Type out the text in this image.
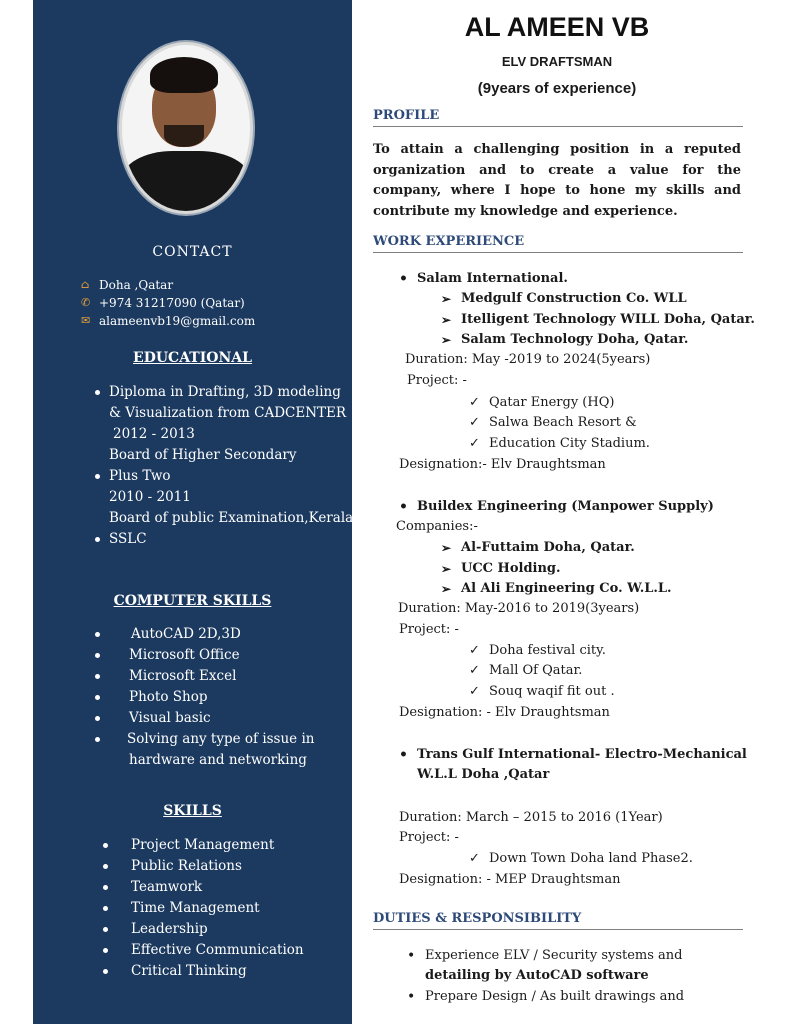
CONTACT
⌂ Doha ,Qatar
✆ +974 31217090 (Qatar)
✉ alameenvb19@gmail.com
EDUCATIONAL
Diploma in Drafting, 3D modeling
& Visualization from CADCENTER
2012 - 2013
Board of Higher Secondary
Plus Two
2010 - 2011
Board of public Examination,Kerala
SSLC
COMPUTER SKILLS
AutoCAD 2D,3D
Microsoft Office
Microsoft Excel
Photo Shop
Visual basic
Solving any type of issue in
hardware and networking
SKILLS
Project Management
Public Relations
Teamwork
Time Management
Leadership
Effective Communication
Critical Thinking
AL AMEEN VB
ELV DRAFTSMAN
(9years of experience)
PROFILE
To attain a challenging position in a reputed organization and to create a value for the company, where I hope to hone my skills and contribute my knowledge and experience.
WORK EXPERIENCE
• Salam International.
➢ Medgulf Construction Co. WLL
➢ Itelligent Technology WILL Doha, Qatar.
➢ Salam Technology Doha, Qatar.
Duration: May -2019 to 2024(5years)
Project: -
✓ Qatar Energy (HQ)
✓ Salwa Beach Resort &
✓ Education City Stadium.
Designation:- Elv Draughtsman
• Buildex Engineering (Manpower Supply)
Companies:-
➢ Al-Futtaim Doha, Qatar.
➢ UCC Holding.
➢ Al Ali Engineering Co. W.L.L.
Duration: May-2016 to 2019(3years)
Project: -
✓ Doha festival city.
✓ Mall Of Qatar.
✓ Souq waqif fit out .
Designation: - Elv Draughtsman
• Trans Gulf International- Electro-Mechanical
W.L.L Doha ,Qatar
Duration: March – 2015 to 2016 (1Year)
Project: -
✓ Down Town Doha land Phase2.
Designation: - MEP Draughtsman
DUTIES & RESPONSIBILITY
• Experience ELV / Security systems and
detailing by AutoCAD software
• Prepare Design / As built drawings and
